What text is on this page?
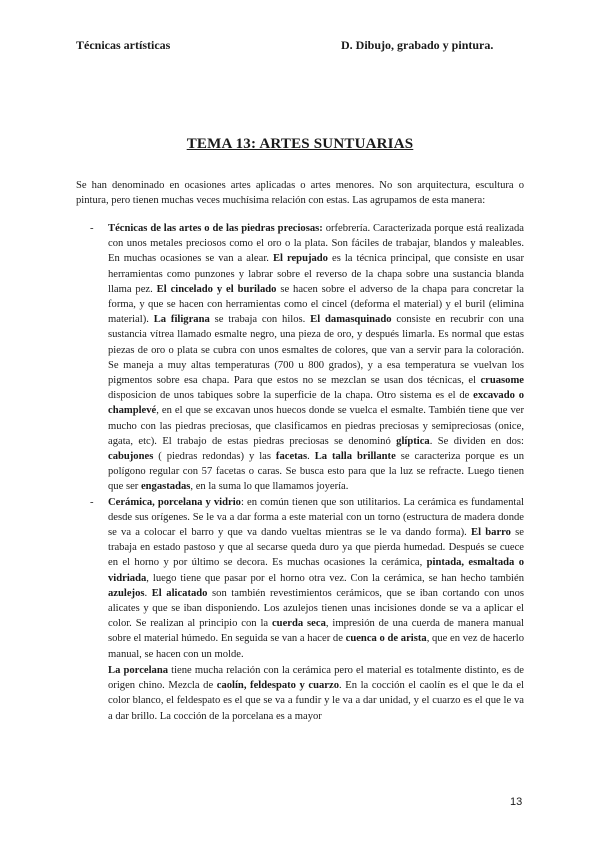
Técnicas artísticas	D. Dibujo, grabado y pintura.
TEMA 13: ARTES SUNTUARIAS

Se han denominado en ocasiones artes aplicadas o artes menores. No son arquitectura, escultura o pintura, pero tienen muchas veces muchísima relación con estas. Las agrupamos de esta manera:

- Técnicas de las artes o de las piedras preciosas: orfebrería. Caracterizada porque está realizada con unos metales preciosos como el oro o la plata. Son fáciles de trabajar, blandos y maleables. En muchas ocasiones se van a alear. El repujado es la técnica principal, que consiste en usar herramientas como punzones y labrar sobre el reverso de la chapa sobre una sustancia blanda llama pez. El cincelado y el burilado se hacen sobre el adverso de la chapa para concretar la forma, y que se hacen con herramientas como el cincel (deforma el material) y el buril (elimina material). La filigrana se trabaja con hilos. El damasquinado consiste en recubrir con una sustancia vítrea llamado esmalte negro, una pieza de oro, y después limarla. Es normal que estas piezas de oro o plata se cubra con unos esmaltes de colores, que van a servir para la coloración. Se maneja a muy altas temperaturas (700 u 800 grados), y a esa temperatura se vuelvan los pigmentos sobre esa chapa. Para que estos no se mezclan se usan dos técnicas, el cruasome disposicion de unos tabiques sobre la superficie de la chapa. Otro sistema es el de excavado o champlevé, en el que se excavan unos huecos donde se vuelca el esmalte. También tiene que ver mucho con las piedras preciosas, que clasificamos en piedras preciosas y semipreciosas (onice, agata, etc). El trabajo de estas piedras preciosas se denominó glíptica. Se dividen en dos: cabujones ( piedras redondas) y las facetas. La talla brillante se caracteriza porque es un polígono regular con 57 facetas o caras. Se busca esto para que la luz se refracte. Luego tienen que ser engastadas, en la suma lo que llamamos joyería.

- Cerámica, porcelana y vidrio: en común tienen que son utilitarios. La cerámica es fundamental desde sus orígenes. Se le va a dar forma a este material con un torno (estructura de madera donde se va a colocar el barro y que va dando vueltas mientras se le va dando forma). El barro se trabaja en estado pastoso y que al secarse queda duro ya que pierda humedad. Después se cuece en el horno y por último se decora. Es muchas ocasiones la cerámica, pintada, esmaltada o vidriada, luego tiene que pasar por el horno otra vez. Con la cerámica, se han hecho también azulejos. El alicatado son también revestimientos cerámicos, que se iban cortando con unos alicates y que se iban disponiendo. Los azulejos tienen unas incisiones donde se va a aplicar el color. Se realizan al principio con la cuerda seca, impresión de una cuerda de manera manual sobre el material húmedo. En seguida se van a hacer de cuenca o de arista, que en vez de hacerlo manual, se hacen con un molde.

La porcelana tiene mucha relación con la cerámica pero el material es totalmente distinto, es de origen chino. Mezcla de caolín, feldespato y cuarzo. En la cocción el caolín es el que le da el color blanco, el feldespato es el que se va a fundir y le va a dar unidad, y el cuarzo es el que le va a dar brillo. La cocción de la porcelana es a mayor

13
